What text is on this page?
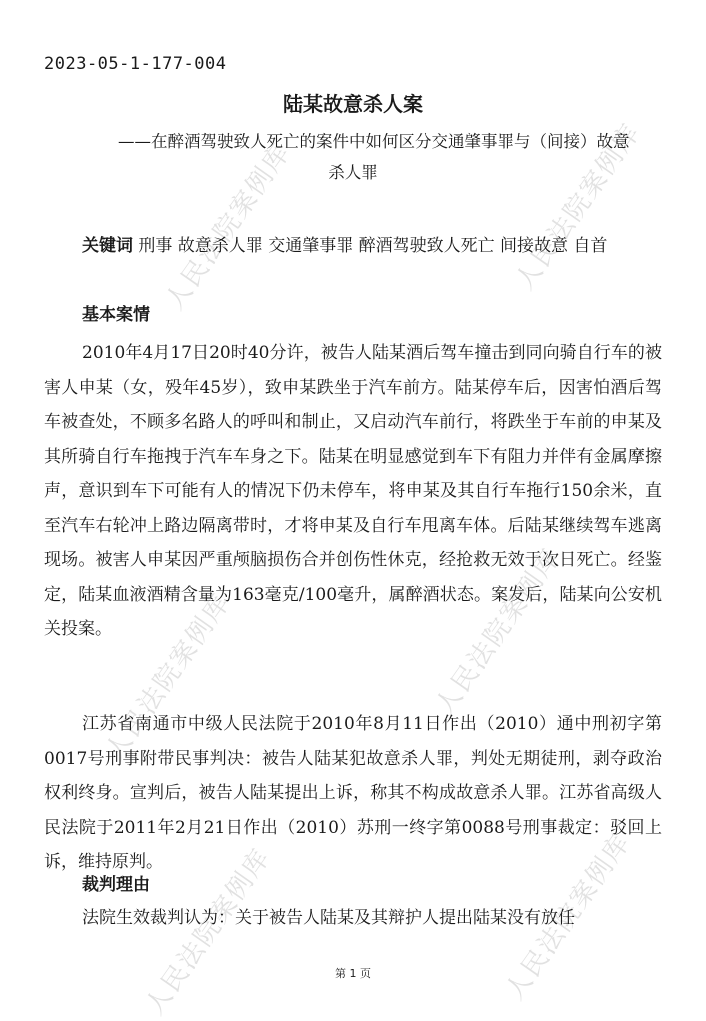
人民法院案例库	人民法院案例库
人民法院案例库	人民法院案例库
人民法院案例库	人民法院案例库
2023-05-1-177-004
陆某故意杀人案
——在醉酒驾驶致人死亡的案件中如何区分交通肇事罪与（间接）故意
杀人罪
关键词 刑事 故意杀人罪 交通肇事罪 醉酒驾驶致人死亡 间接故意 自首
基本案情
2010年4月17日20时40分许，被告人陆某酒后驾车撞击到同向骑自行车的被害人申某（女，殁年45岁），致申某跌坐于汽车前方。陆某停车后，因害怕酒后驾车被查处，不顾多名路人的呼叫和制止，又启动汽车前行，将跌坐于车前的申某及其所骑自行车拖拽于汽车车身之下。陆某在明显感觉到车下有阻力并伴有金属摩擦声，意识到车下可能有人的情况下仍未停车，将申某及其自行车拖行150余米，直至汽车右轮冲上路边隔离带时，才将申某及自行车甩离车体。后陆某继续驾车逃离现场。被害人申某因严重颅脑损伤合并创伤性休克，经抢救无效于次日死亡。经鉴定，陆某血液酒精含量为163毫克/100毫升，属醉酒状态。案发后，陆某向公安机关投案。
江苏省南通市中级人民法院于2010年8月11日作出（2010）通中刑初字第0017号刑事附带民事判决：被告人陆某犯故意杀人罪，判处无期徒刑，剥夺政治权利终身。宣判后，被告人陆某提出上诉，称其不构成故意杀人罪。江苏省高级人民法院于2011年2月21日作出（2010）苏刑一终字第0088号刑事裁定：驳回上诉，维持原判。
裁判理由
法院生效裁判认为：关于被告人陆某及其辩护人提出陆某没有放任
第 1 页
